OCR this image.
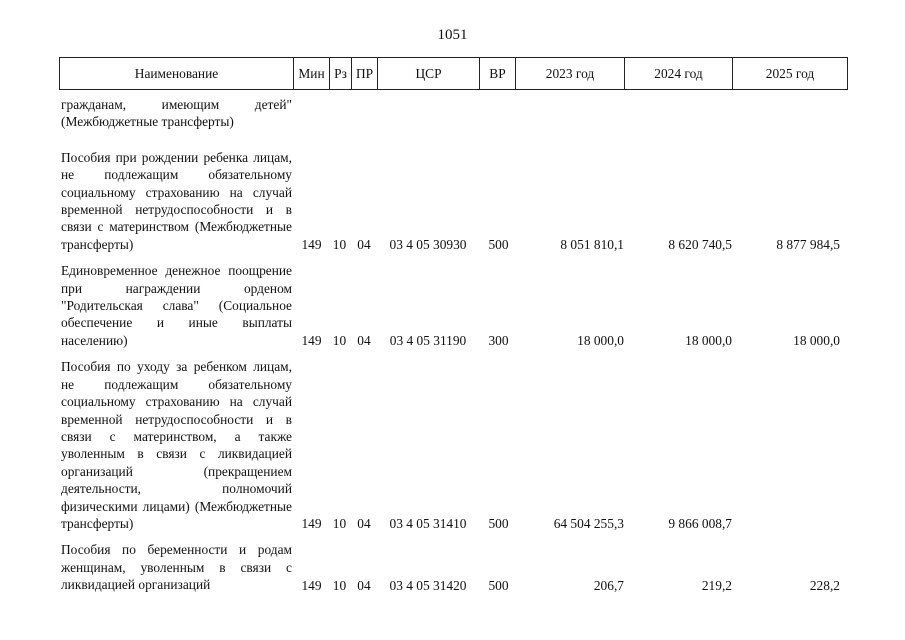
1051
Наименование	Мин	Рз	ПР	ЦСР	ВР	2023 год	2024 год	2025 год
гражданам, имеющим детей" (Межбюджетные трансферты)
Пособия при рождении ребенка лицам, не подлежащим обязательному социальному страхованию на случай временной нетрудоспособности и в связи с материнством (Межбюджетные трансферты)	149 10 04	03 4 05 30930	500	8 051 810,1	8 620 740,5	8 877 984,5
Единовременное денежное поощрение при награждении орденом "Родительская слава" (Социальное обеспечение и иные выплаты населению)	149 10 04	03 4 05 31190	300	18 000,0	18 000,0	18 000,0
Пособия по уходу за ребенком лицам, не подлежащим обязательному социальному страхованию на случай временной нетрудоспособности и в связи с материнством, а также уволенным в связи с ликвидацией организаций (прекращением деятельности, полномочий физическими лицами) (Межбюджетные трансферты)	149 10 04	03 4 05 31410	500	64 504 255,3	9 866 008,7
Пособия по беременности и родам женщинам, уволенным в связи с ликвидацией организаций	149 10 04	03 4 05 31420	500	206,7	219,2	228,2
